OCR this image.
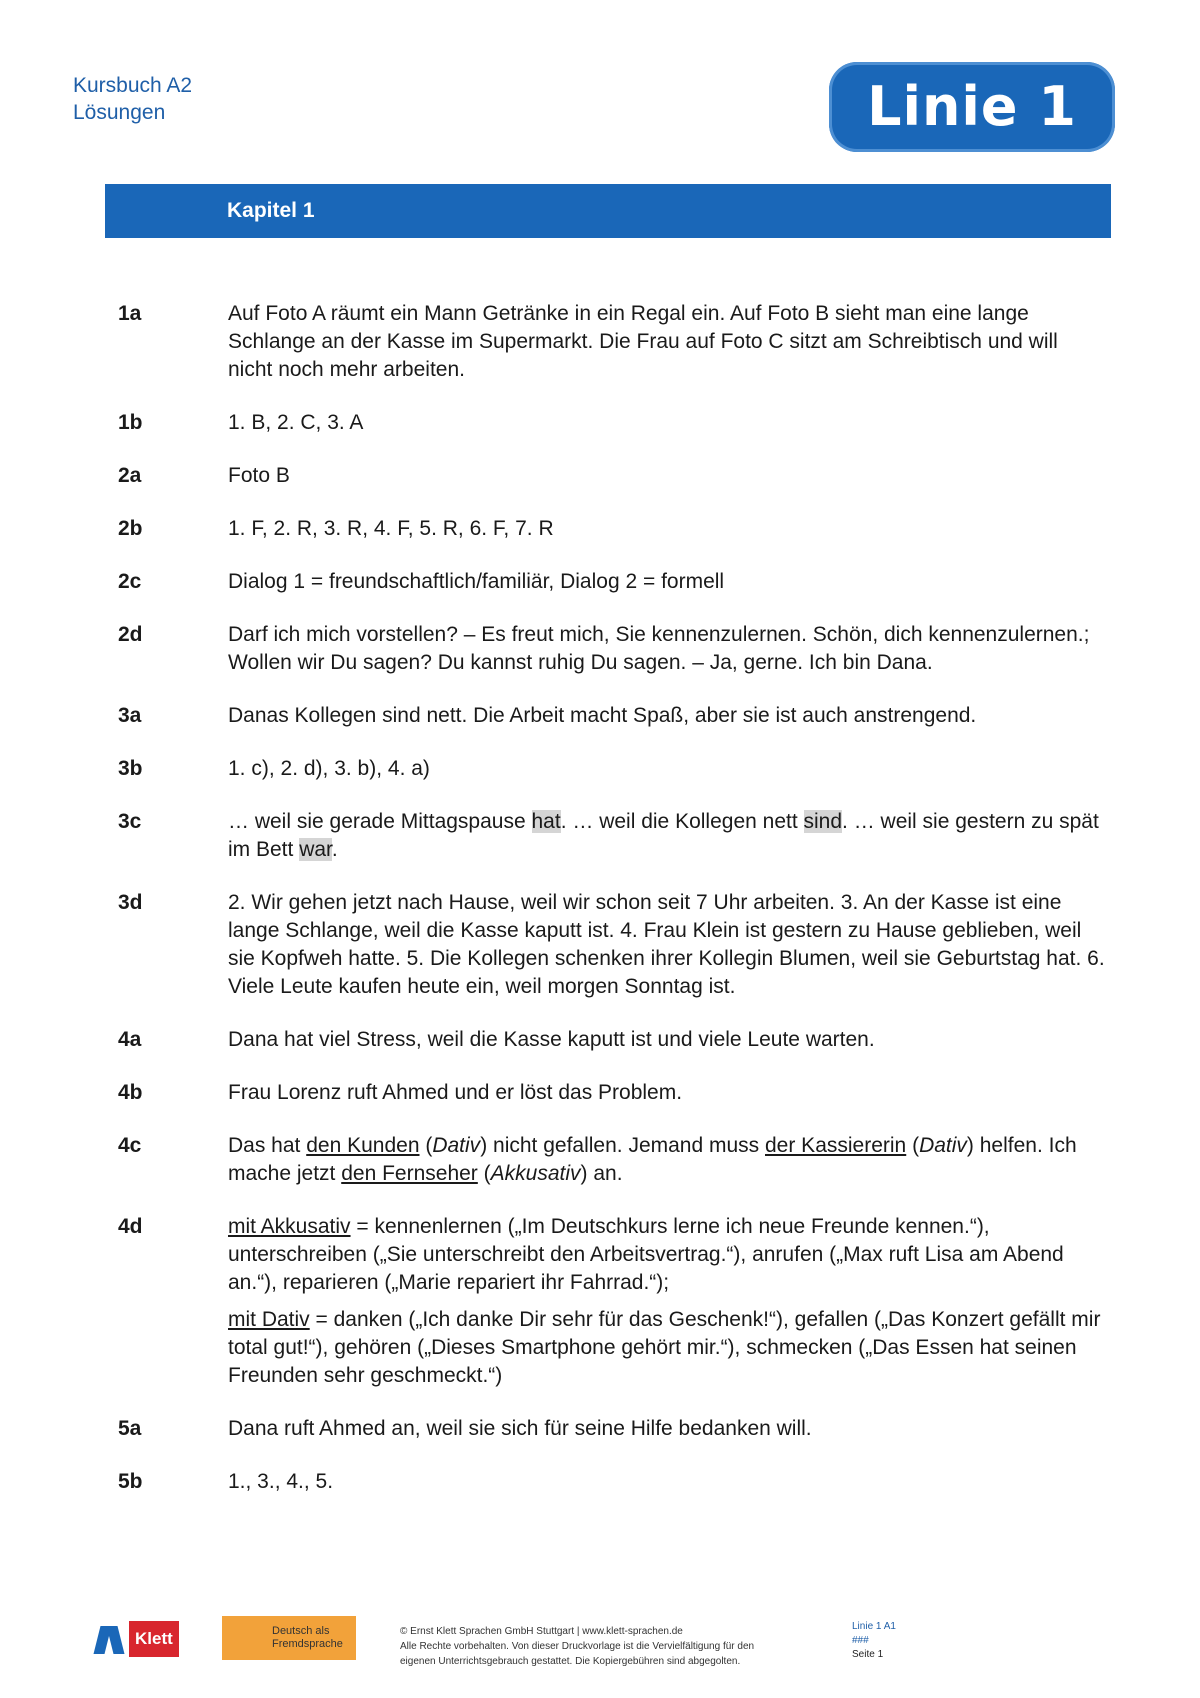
Kursbuch A2
Lösungen	Linie 1
Kapitel 1
1a	Auf Foto A räumt ein Mann Getränke in ein Regal ein. Auf Foto B sieht man eine lange Schlange an der Kasse im Supermarkt. Die Frau auf Foto C sitzt am Schreibtisch und will nicht noch mehr arbeiten.
1b	1. B, 2. C, 3. A
2a	Foto B
2b	1. F, 2. R, 3. R, 4. F, 5. R, 6. F, 7. R
2c	Dialog 1 = freundschaftlich/familiär, Dialog 2 = formell
2d	Darf ich mich vorstellen? – Es freut mich, Sie kennenzulernen. Schön, dich kennenzulernen.; Wollen wir Du sagen? Du kannst ruhig Du sagen. – Ja, gerne. Ich bin Dana.
3a	Danas Kollegen sind nett. Die Arbeit macht Spaß, aber sie ist auch anstrengend.
3b	1. c), 2. d), 3. b), 4. a)
3c	… weil sie gerade Mittagspause hat. … weil die Kollegen nett sind. … weil sie gestern zu spät im Bett war.
3d	2. Wir gehen jetzt nach Hause, weil wir schon seit 7 Uhr arbeiten. 3. An der Kasse ist eine lange Schlange, weil die Kasse kaputt ist. 4. Frau Klein ist gestern zu Hause geblieben, weil sie Kopfweh hatte. 5. Die Kollegen schenken ihrer Kollegin Blumen, weil sie Geburtstag hat. 6. Viele Leute kaufen heute ein, weil morgen Sonntag ist.
4a	Dana hat viel Stress, weil die Kasse kaputt ist und viele Leute warten.
4b	Frau Lorenz ruft Ahmed und er löst das Problem.
4c	Das hat den Kunden (Dativ) nicht gefallen. Jemand muss der Kassiererin (Dativ) helfen. Ich mache jetzt den Fernseher (Akkusativ) an.
4d	mit Akkusativ = kennenlernen („Im Deutschkurs lerne ich neue Freunde kennen.“), unterschreiben („Sie unterschreibt den Arbeitsvertrag.“), anrufen („Max ruft Lisa am Abend an.“), reparieren („Marie repariert ihr Fahrrad.“);

mit Dativ = danken („Ich danke Dir sehr für das Geschenk!“), gefallen („Das Konzert gefällt mir total gut!“), gehören („Dieses Smartphone gehört mir.“), schmecken („Das Essen hat seinen Freunden sehr geschmeckt.“)

5a	Dana ruft Ahmed an, weil sie sich für seine Hilfe bedanken will.
5b	1., 3., 4., 5.
Klett	Deutsch als
Fremdsprache

© Ernst Klett Sprachen GmbH Stuttgart | www.klett-sprachen.de

Alle Rechte vorbehalten. Von dieser Druckvorlage ist die Vervielfältigung für den

eigenen Unterrichtsgebrauch gestattet. Die Kopiergebühren sind abgegolten.

Linie 1 A1
###
Seite 1
